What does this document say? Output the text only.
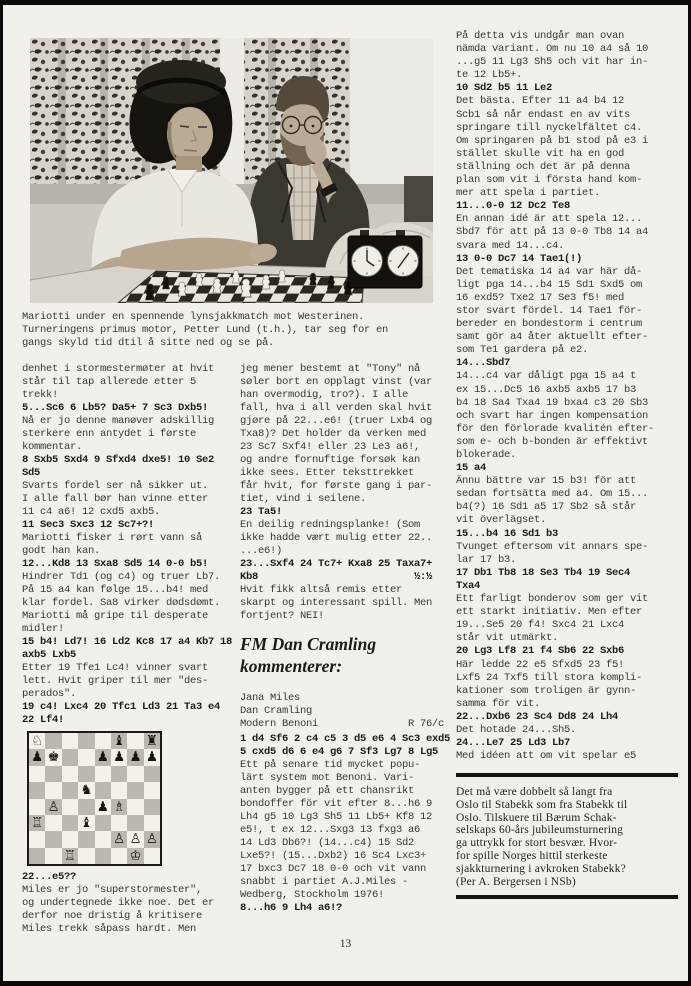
Mariotti under en spennende lynsjakkmatch mot Westerinen.
Turneringens primus motor, Petter Lund (t.h.), tar seg for en
gangs skyld tid dtil å sitte ned og se på.
denhet i stormestermøter at hvit
står til tap allerede etter 5
trekk!
5...Sc6 6 Lb5? Da5+ 7 Sc3 Dxb5!
Nå er jo denne manøver adskillig
sterkere enn antydet i første
kommentar.
8 Sxb5 Sxd4 9 Sfxd4 dxe5! 10 Se2
Sd5
Svarts fordel ser nå sikker ut.
I alle fall bør han vinne etter
11 c4 a6! 12 cxd5 axb5.
11 Sec3 Sxc3 12 Sc7+?!
Mariotti fisker i rørt vann så
godt han kan.
12...Kd8 13 Sxa8 Sd5 14 0-0 b5!
Hindrer Td1 (og c4) og truer Lb7.
På 15 a4 kan følge 15...b4! med
klar fordel. Sa8 virker dødsdømt.
Mariotti må gripe til desperate
midler!
15 b4! Ld7! 16 Ld2 Kc8 17 a4 Kb7 18
axb5 Lxb5
Etter 19 Tfe1 Lc4! vinner svart
lett. Hvit griper til mer "des-
perados".
19 c4! Lxc4 20 Tfc1 Ld3 21 Ta3 e4
22 Lf4!
♘	♝ ♜
♟ ♚	♟ ♟ ♟ ♟
♞
♙	♟ ♗
♖	♝
♙ ♙ ♙
♖	♔
22...e5??
Miles er jo "superstormester",
og undertegnede ikke noe. Det er
derfor noe dristig å kritisere
Miles trekk såpass hardt. Men
jeg mener bestemt at "Tony" nå
søler bort en opplagt vinst (var
han overmodig, tro?). I alle
fall, hva i all verden skal hvit
gjøre på 22...e6! (truer Lxb4 og
Txa8)? Det holder da verken med
23 Sc7 Sxf4! eller 23 Le3 a6!,
og andre fornuftige forsøk kan
ikke sees. Etter teksttrekket
får hvit, for første gang i par-
tiet, vind i seilene.
23 Ta5!
En deilig redningsplanke! (Som
ikke hadde vært mulig etter 22..
...e6!)
23...Sxf4 24 Tc7+ Kxa8 25 Taxa7+
Kb8                          ½:½
Hvit fikk altså remis etter
skarpt og interessant spill. Men
fortjent? NEI!
FM Dan Cramling
kommenterer:
Jana Miles
Dan Cramling
Modern Benoni               R 76/c
1 d4 Sf6 2 c4 c5 3 d5 e6 4 Sc3 exd5
5 cxd5 d6 6 e4 g6 7 Sf3 Lg7 8 Lg5
Ett på senare tid mycket popu-
lärt system mot Benoni. Vari-
anten bygger på ett chansrikt
bondoffer för vit efter 8...h6 9
Lh4 g5 10 Lg3 Sh5 11 Lb5+ Kf8 12
e5!, t ex 12...Sxg3 13 fxg3 a6
14 Ld3 Db6?! (14...c4) 15 Sd2
Lxe5?! (15...Dxb2) 16 Sc4 Lxc3+
17 bxc3 Dc7 18 0-0 och vit vann
snabbt i partiet A.J.Miles -
Wedberg, Stockholm 1976!
8...h6 9 Lh4 a6!?
På detta vis undgår man ovan
nämda variant. Om nu 10 a4 så 10
...g5 11 Lg3 Sh5 och vit har in-
te 12 Lb5+.
10 Sd2 b5 11 Le2
Det bästa. Efter 11 a4 b4 12
Scb1 så når endast en av vits
springare till nyckelfältet c4.
Om springaren på b1 stod på e3 i
stället skulle vit ha en god
ställning och det är på denna
plan som vit i första hand kom-
mer att spela i partiet.
11...0-0 12 Dc2 Te8
En annan idé är att spela 12...
Sbd7 för att på 13 0-0 Tb8 14 a4
svara med 14...c4.
13 0-0 Dc7 14 Tae1(!)
Det tematiska 14 a4 var här då-
ligt pga 14...b4 15 Sd1 Sxd5 om
16 exd5? Txe2 17 Se3 f5! med
stor svart fördel. 14 Tae1 för-
bereder en bondestorm i centrum
samt gör a4 åter aktuellt efter-
som Te1 gardera på e2.
14...Sbd7
14...c4 var dåligt pga 15 a4 t
ex 15...Dc5 16 axb5 axb5 17 b3
b4 18 Sa4 Txa4 19 bxa4 c3 20 Sb3
och svart har ingen kompensation
för den förlorade kvalitén efter-
som e- och b-bonden är effektivt
blokerade.
15 a4
Ännu bättre var 15 b3! för att
sedan fortsätta med a4. Om 15...
b4(?) 16 Sd1 a5 17 Sb2 så står
vit överlägset.
15...b4 16 Sd1 b3
Tvunget eftersom vit annars spe-
lar 17 b3.
17 Db1 Tb8 18 Se3 Tb4 19 Sec4
Txa4
Ett farligt bonderov som ger vit
ett starkt initiativ. Men efter
19...Se5 20 f4! Sxc4 21 Lxc4
står vit utmärkt.
20 Lg3 Lf8 21 f4 Sb6 22 Sxb6
Här ledde 22 e5 Sfxd5 23 f5!
Lxf5 24 Txf5 till stora kompli-
kationer som troligen är gynn-
samma för vit.
22...Dxb6 23 Sc4 Dd8 24 Lh4
Det hotade 24...Sh5.
24...Le7 25 Ld3 Lb7
Med idéen att om vit spelar e5
Det må være dobbelt så langt fra
Oslo til Stabekk som fra Stabekk til
Oslo. Tilskuere til Bærum Schak-
selskaps 60-års jubileumsturnering
ga uttrykk for stort besvær. Hvor-
for spille Norges hittil sterkeste
sjakkturnering i avkroken Stabekk?
(Per A. Bergersen i NSb)
13
